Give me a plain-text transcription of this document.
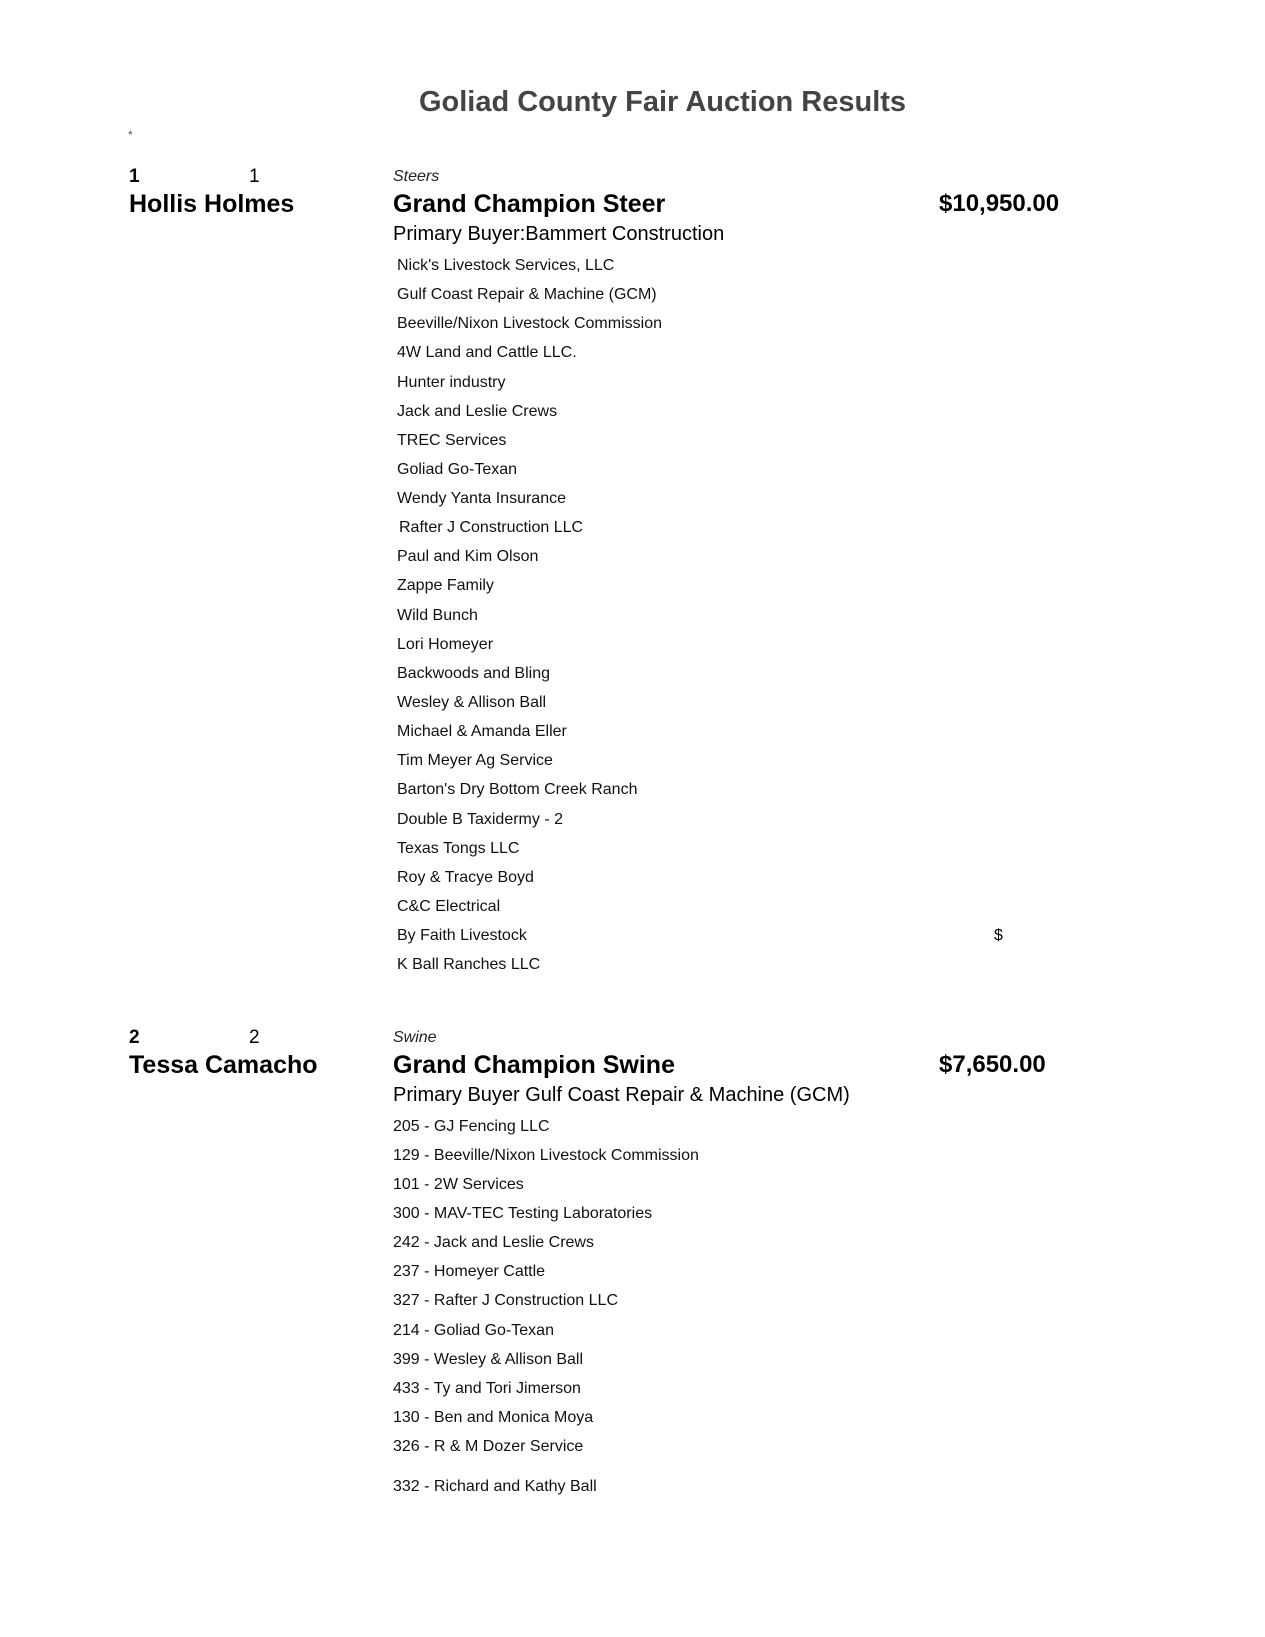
Goliad County Fair Auction Results
*
1	1	Steers
Hollis Holmes	Grand Champion Steer	$10,950.00
Primary Buyer:Bammert Construction
Nick's Livestock Services, LLC
Gulf Coast Repair & Machine (GCM)
Beeville/Nixon Livestock Commission
4W Land and Cattle LLC.
Hunter industry
Jack and Leslie Crews
TREC Services
Goliad Go-Texan
Wendy Yanta Insurance
Rafter J Construction LLC
Paul and Kim Olson
Zappe Family
Wild Bunch
Lori Homeyer
Backwoods and Bling
Wesley & Allison Ball
Michael & Amanda Eller
Tim Meyer Ag Service
Barton's Dry Bottom Creek Ranch
Double B Taxidermy - 2
Texas Tongs LLC
Roy & Tracye Boyd
C&C Electrical
By Faith Livestock
K Ball Ranches LLC
$
2	2	Swine
Tessa Camacho	Grand Champion Swine	$7,650.00
Primary Buyer Gulf Coast Repair & Machine (GCM)
205 - GJ Fencing LLC
129 - Beeville/Nixon Livestock Commission
101 - 2W Services
300 - MAV-TEC Testing Laboratories
242 - Jack and Leslie Crews
237 - Homeyer Cattle
327 - Rafter J Construction LLC
214 - Goliad Go-Texan
399 - Wesley & Allison Ball
433 - Ty and Tori Jimerson
130 - Ben and Monica Moya
326 - R & M Dozer Service
332 - Richard and Kathy Ball
